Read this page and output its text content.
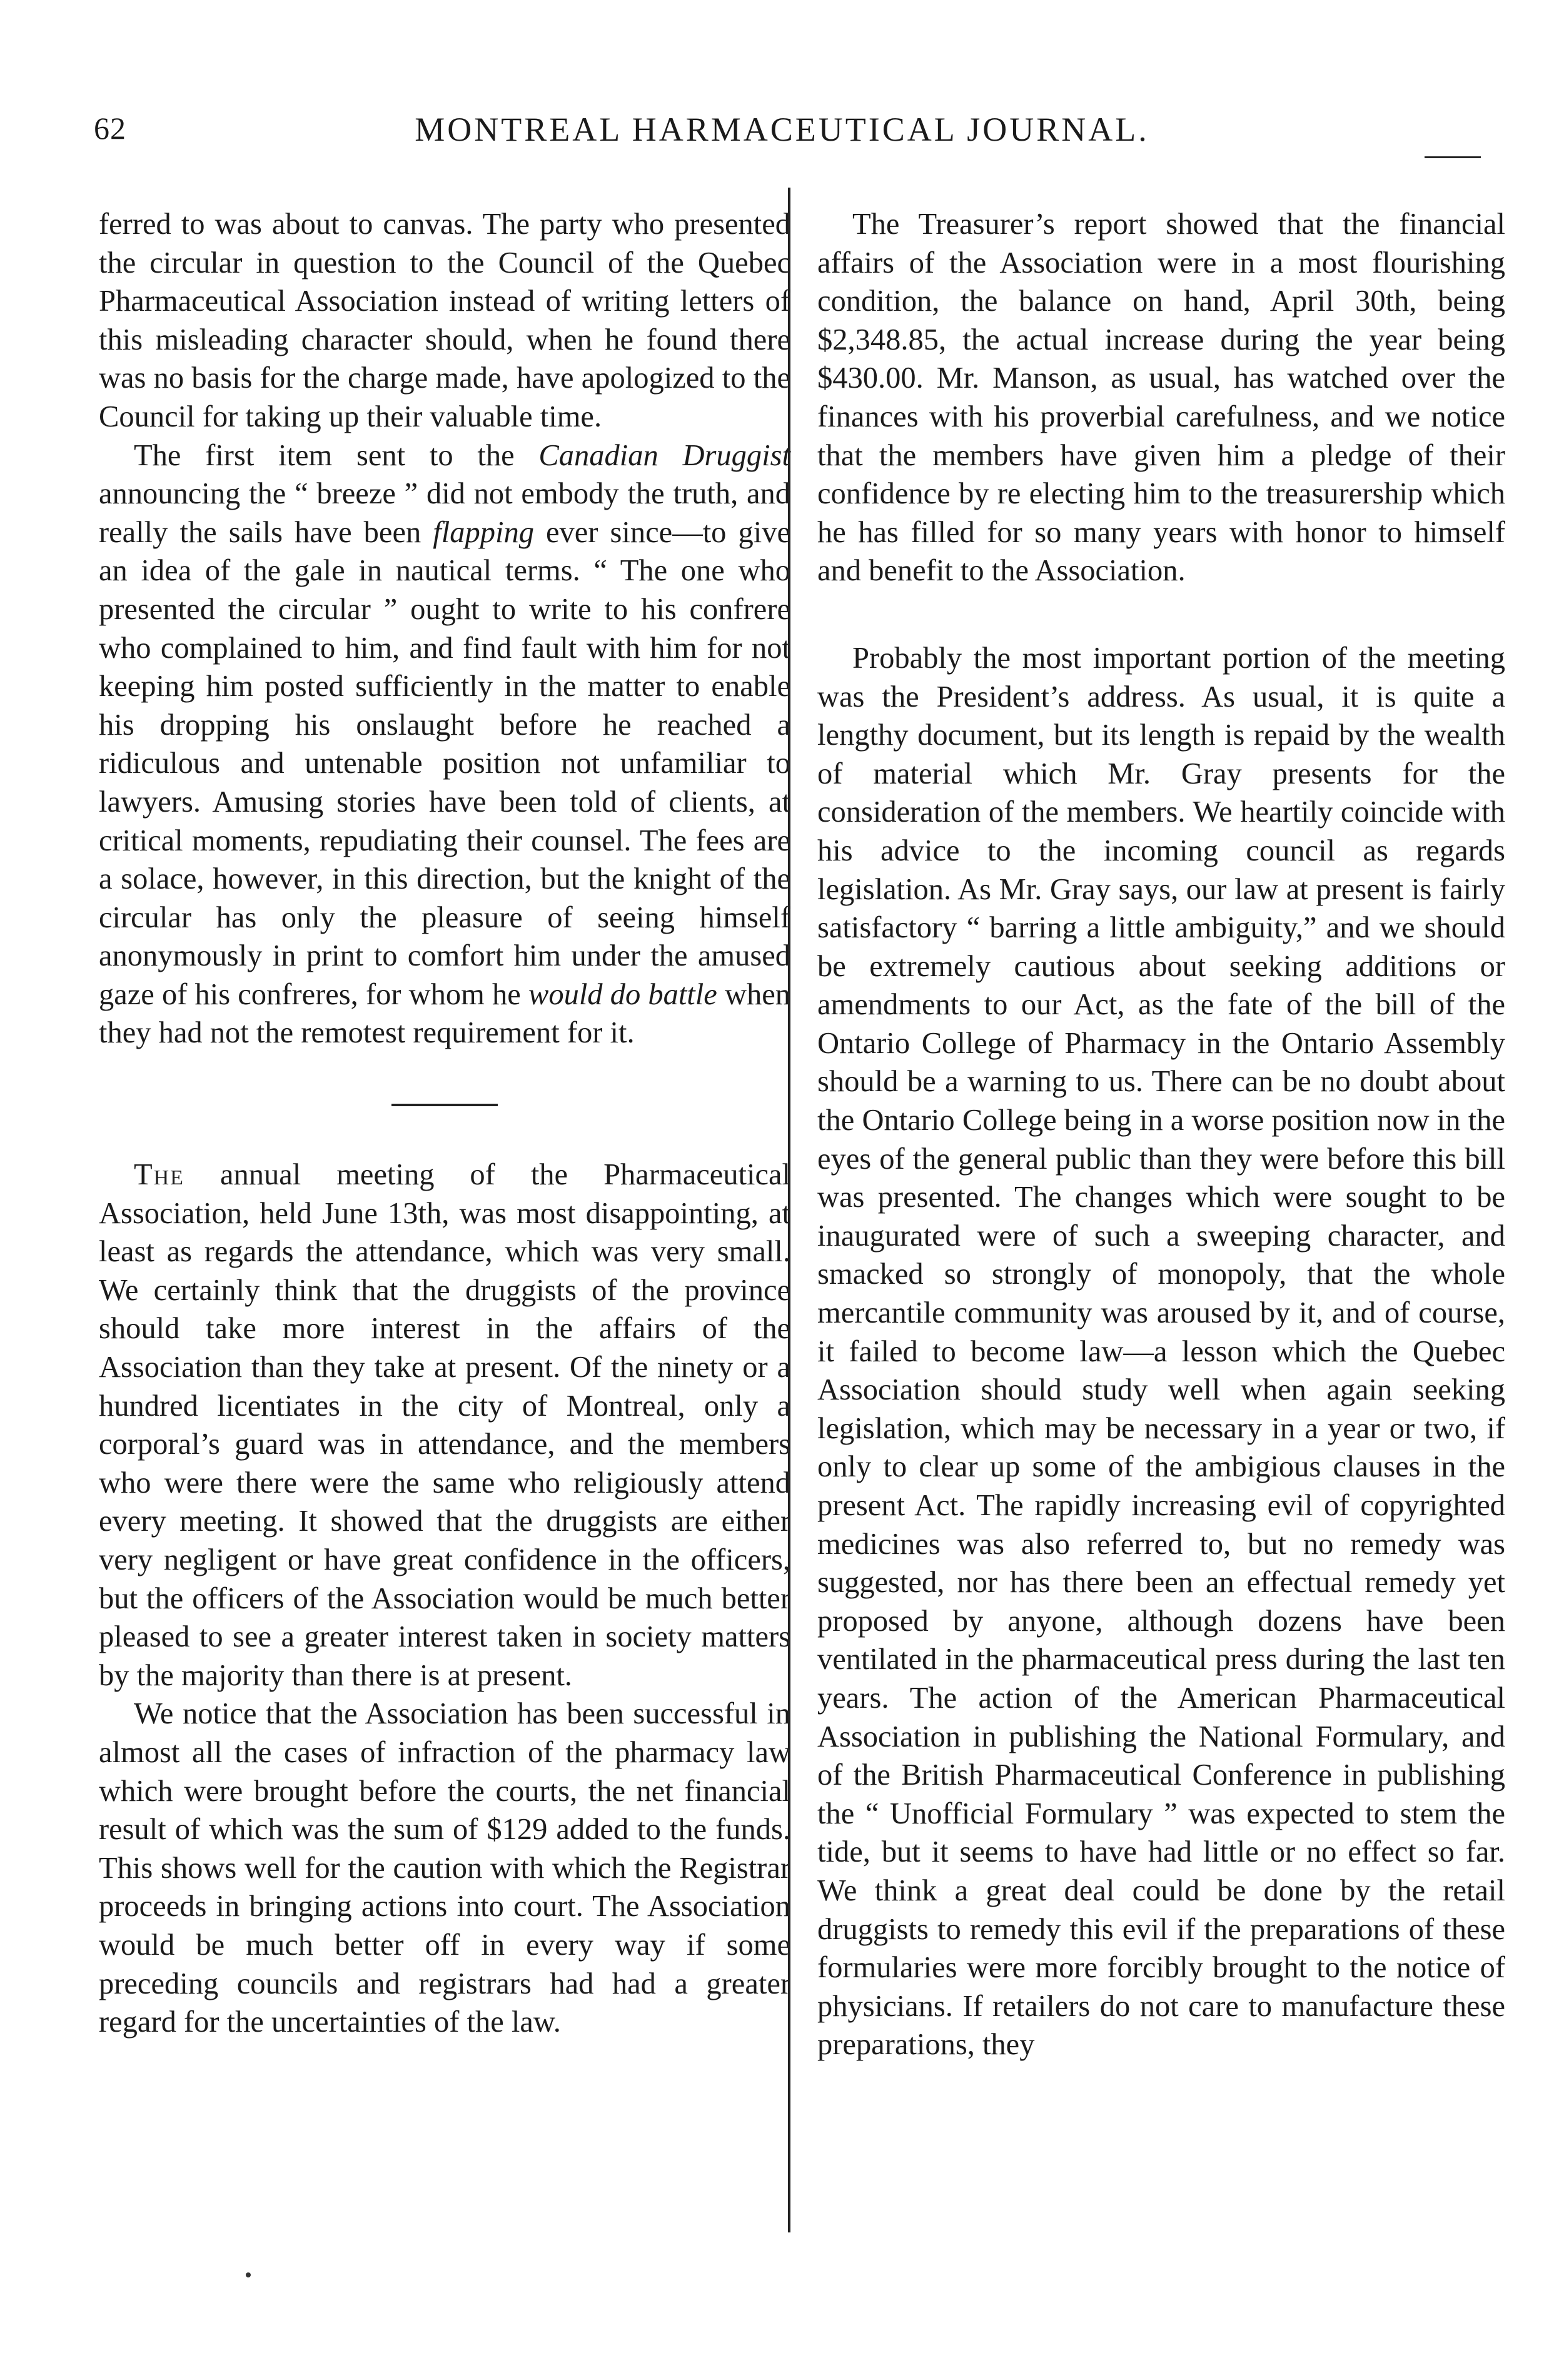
62	MONTREAL HARMACEUTICAL JOURNAL.

ferred to was about to canvas. The party who presented the circular in question to the Council of the Quebec Pharmaceutical Association instead of writing letters of this misleading character should, when he found there was no basis for the charge made, have apologized to the Council for taking up their valuable time.

The first item sent to the Canadian Druggist announcing the “ breeze ” did not embody the truth, and really the sails have been flapping ever since—to give an idea of the gale in nautical terms. “ The one who presented the circular ” ought to write to his confrere who complained to him, and find fault with him for not keeping him posted sufficiently in the matter to enable his dropping his onslaught before he reached a ridiculous and untenable position not unfamiliar to lawyers. Amusing stories have been told of clients, at critical moments, repudiating their counsel. The fees are a solace, however, in this direction, but the knight of the circular has only the pleasure of seeing himself anonymously in print to comfort him under the amused gaze of his confreres, for whom he would do battle when they had not the remotest requirement for it.

The annual meeting of the Pharmaceutical Association, held June 13th, was most disappointing, at least as regards the attendance, which was very small. We certainly think that the druggists of the province should take more interest in the affairs of the Association than they take at present. Of the ninety or a hundred licentiates in the city of Montreal, only a corporal’s guard was in attendance, and the members who were there were the same who religiously attend every meeting. It showed that the druggists are either very negligent or have great confidence in the officers, but the officers of the Association would be much better pleased to see a greater interest taken in society matters by the majority than there is at present.

We notice that the Association has been successful in almost all the cases of infraction of the pharmacy law which were brought before the courts, the net financial result of which was the sum of $129 added to the funds. This shows well for the caution with which the Registrar proceeds in bringing actions into court. The Association would be much better off in every way if some preceding councils and registrars had had a greater regard for the uncertainties of the law.

The Treasurer’s report showed that the financial affairs of the Association were in a most flourishing condition, the balance on hand, April 30th, being $2,348.85, the actual increase during the year being $430.00. Mr. Manson, as usual, has watched over the finances with his proverbial carefulness, and we notice that the members have given him a pledge of their confidence by re electing him to the treasurership which he has filled for so many years with honor to himself and benefit to the Association.

Probably the most important portion of the meeting was the President’s address. As usual, it is quite a lengthy document, but its length is repaid by the wealth of material which Mr. Gray presents for the consideration of the members. We heartily coincide with his advice to the incoming council as regards legislation. As Mr. Gray says, our law at present is fairly satisfactory “ barring a little ambiguity,” and we should be extremely cautious about seeking additions or amendments to our Act, as the fate of the bill of the Ontario College of Pharmacy in the Ontario Assembly should be a warning to us. There can be no doubt about the Ontario College being in a worse position now in the eyes of the general public than they were before this bill was presented. The changes which were sought to be inaugurated were of such a sweeping character, and smacked so strongly of monopoly, that the whole mercantile community was aroused by it, and of course, it failed to become law—a lesson which the Quebec Association should study well when again seeking legislation, which may be necessary in a year or two, if only to clear up some of the ambigious clauses in the present Act. The rapidly increasing evil of copyrighted medicines was also referred to, but no remedy was suggested, nor has there been an effectual remedy yet proposed by anyone, although dozens have been ventilated in the pharmaceutical press during the last ten years. The action of the American Pharmaceutical Association in publishing the National Formulary, and of the British Pharmaceutical Conference in publishing the “ Unofficial Formulary ” was expected to stem the tide, but it seems to have had little or no effect so far. We think a great deal could be done by the retail druggists to remedy this evil if the preparations of these formularies were more forcibly brought to the notice of physicians. If retailers do not care to manufacture these preparations, they
